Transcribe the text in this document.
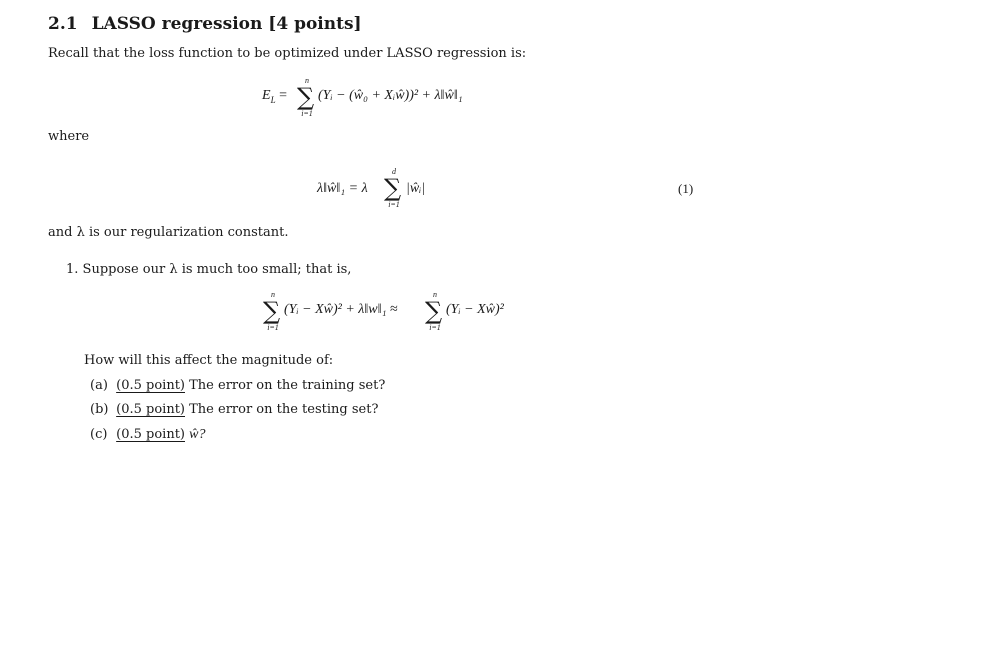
2.1 LASSO regression [4 points]
Recall that the loss function to be optimized under LASSO regression is:
$E_L$ =
n
∑
i=1
(Yᵢ − (ŵ₀ + Xᵢŵ))² + λ‖ŵ‖₁
where
λ‖ŵ‖₁ = λ
d
∑
i=1
|ŵᵢ|	(1)
and λ is our regularization constant.
1. Suppose our λ is much too small; that is,
n
∑
i=1
(Yᵢ − Xŵ)² + λ‖w‖₁ ≈
n
∑
i=1
(Yᵢ − Xŵ)²
How will this affect the magnitude of:
(a) (0.5 point) The error on the training set?
(b) (0.5 point) The error on the testing set?
(c) (0.5 point) ŵ?
